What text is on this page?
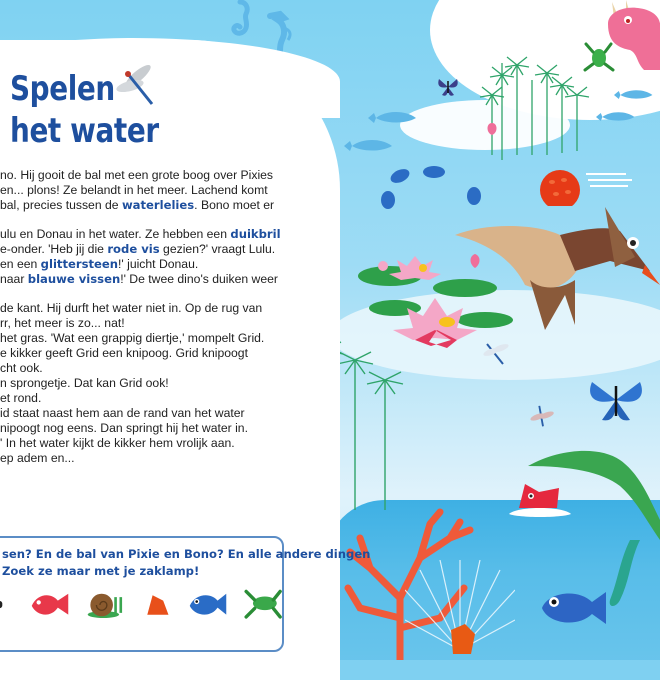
Spelen
het water

no. Hij gooit de bal met een grote boog over Pixies
en... plons! Ze belandt in het meer. Lachend komt
bal, precies tussen de waterlelies. Bono moet er

ulu en Donau in het water. Ze hebben een duikbril
e-onder. 'Heb jij die rode vis gezien?' vraagt Lulu.
en een glittersteen!' juicht Donau.
naar blauwe vissen!' De twee dino's duiken weer

de kant. Hij durft het water niet in. Op de rug van
rr, het meer is zo... nat!
het gras. 'Wat een grappig diertje,' mompelt Grid.
e kikker geeft Grid een knipoog. Grid knipoogt
cht ook.
n sprongetje. Dat kan Grid ook!
et rond.
id staat naast hem aan de rand van het water
nipoogt nog eens. Dan springt hij het water in.
' In het water kijkt de kikker hem vrolijk aan.
ep adem en...

sen? En de bal van Pixie en Bono? En alle andere dingen
Zoek ze maar met je zaklamp!
